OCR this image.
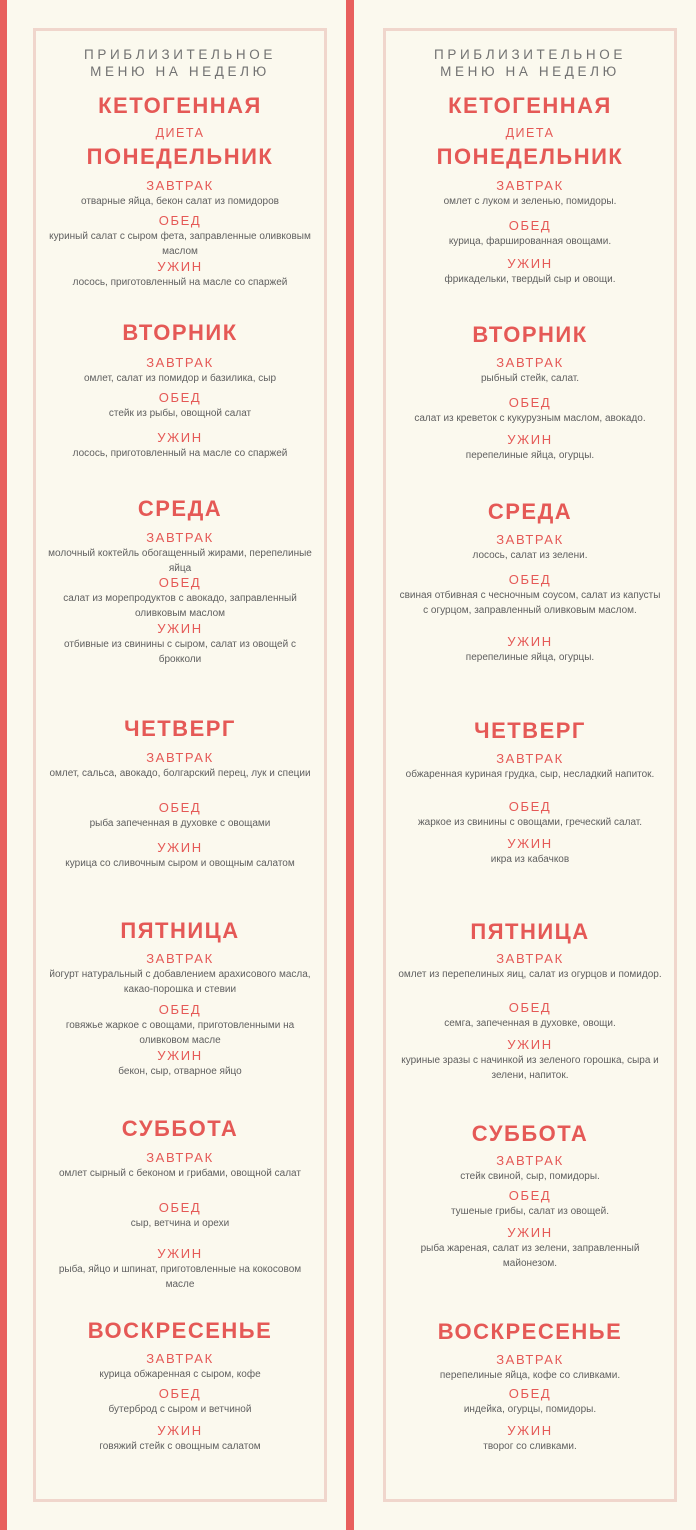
ПРИБЛИЗИТЕЛЬНОЕ
МЕНЮ НА НЕДЕЛЮ
КЕТОГЕННАЯ
ДИЕТА
ПОНЕДЕЛЬНИК
ЗАВТРАК
отварные яйца, бекон салат из помидоров
ОБЕД
куриный салат с сыром фета, заправленные оливковым маслом
УЖИН
лосось, приготовленный на масле со спаржей
ВТОРНИК
ЗАВТРАК
омлет, салат из помидор и базилика, сыр
ОБЕД
стейк из рыбы, овощной салат
УЖИН
лосось, приготовленный на масле со спаржей
СРЕДА
ЗАВТРАК
молочный коктейль обогащенный жирами, перепелиные яйца
ОБЕД
салат из морепродуктов с авокадо, заправленный оливковым маслом
УЖИН
отбивные из свинины с сыром, салат из овощей с брокколи
ЧЕТВЕРГ
ЗАВТРАК
омлет, сальса, авокадо, болгарский перец, лук и специи
ОБЕД
рыба запеченная в духовке с овощами
УЖИН
курица со сливочным сыром и овощным салатом
ПЯТНИЦА
ЗАВТРАК
йогурт натуральный с добавлением арахисового масла, какао-порошка и стевии
ОБЕД
говяжье жаркое с овощами, приготовленными на оливковом масле
УЖИН
бекон, сыр, отварное яйцо
СУББОТА
ЗАВТРАК
омлет сырный с беконом и грибами, овощной салат
ОБЕД
сыр, ветчина и орехи
УЖИН
рыба, яйцо и шпинат, приготовленные на кокосовом масле
ВОСКРЕСЕНЬЕ
ЗАВТРАК
курица обжаренная с сыром, кофе
ОБЕД
бутерброд с сыром и ветчиной
УЖИН
говяжий стейк с овощным салатом
ПРИБЛИЗИТЕЛЬНОЕ
МЕНЮ НА НЕДЕЛЮ
КЕТОГЕННАЯ
ДИЕТА
ПОНЕДЕЛЬНИК
ЗАВТРАК
омлет с луком и зеленью, помидоры.
ОБЕД
курица, фаршированная овощами.
УЖИН
фрикадельки, твердый сыр и овощи.
ВТОРНИК
ЗАВТРАК
рыбный стейк, салат.
ОБЕД
салат из креветок с кукурузным маслом, авокадо.
УЖИН
перепелиные яйца, огурцы.
СРЕДА
ЗАВТРАК
лосось, салат из зелени.
ОБЕД
свиная отбивная с чесночным соусом, салат из капусты с огурцом, заправленный оливковым маслом.
УЖИН
перепелиные яйца, огурцы.
ЧЕТВЕРГ
ЗАВТРАК
обжаренная куриная грудка, сыр, несладкий напиток.
ОБЕД
жаркое из свинины с овощами, греческий салат.
УЖИН
икра из кабачков
ПЯТНИЦА
ЗАВТРАК
омлет из перепелиных яиц, салат из огурцов и помидор.
ОБЕД
семга, запеченная в духовке, овощи.
УЖИН
куриные зразы с начинкой из зеленого горошка, сыра и зелени, напиток.
СУББОТА
ЗАВТРАК
стейк свиной, сыр, помидоры.
ОБЕД
тушеные грибы, салат из овощей.
УЖИН
рыба жареная, салат из зелени, заправленный майонезом.
ВОСКРЕСЕНЬЕ
ЗАВТРАК
перепелиные яйца, кофе со сливками.
ОБЕД
индейка, огурцы, помидоры.
УЖИН
творог со сливками.
